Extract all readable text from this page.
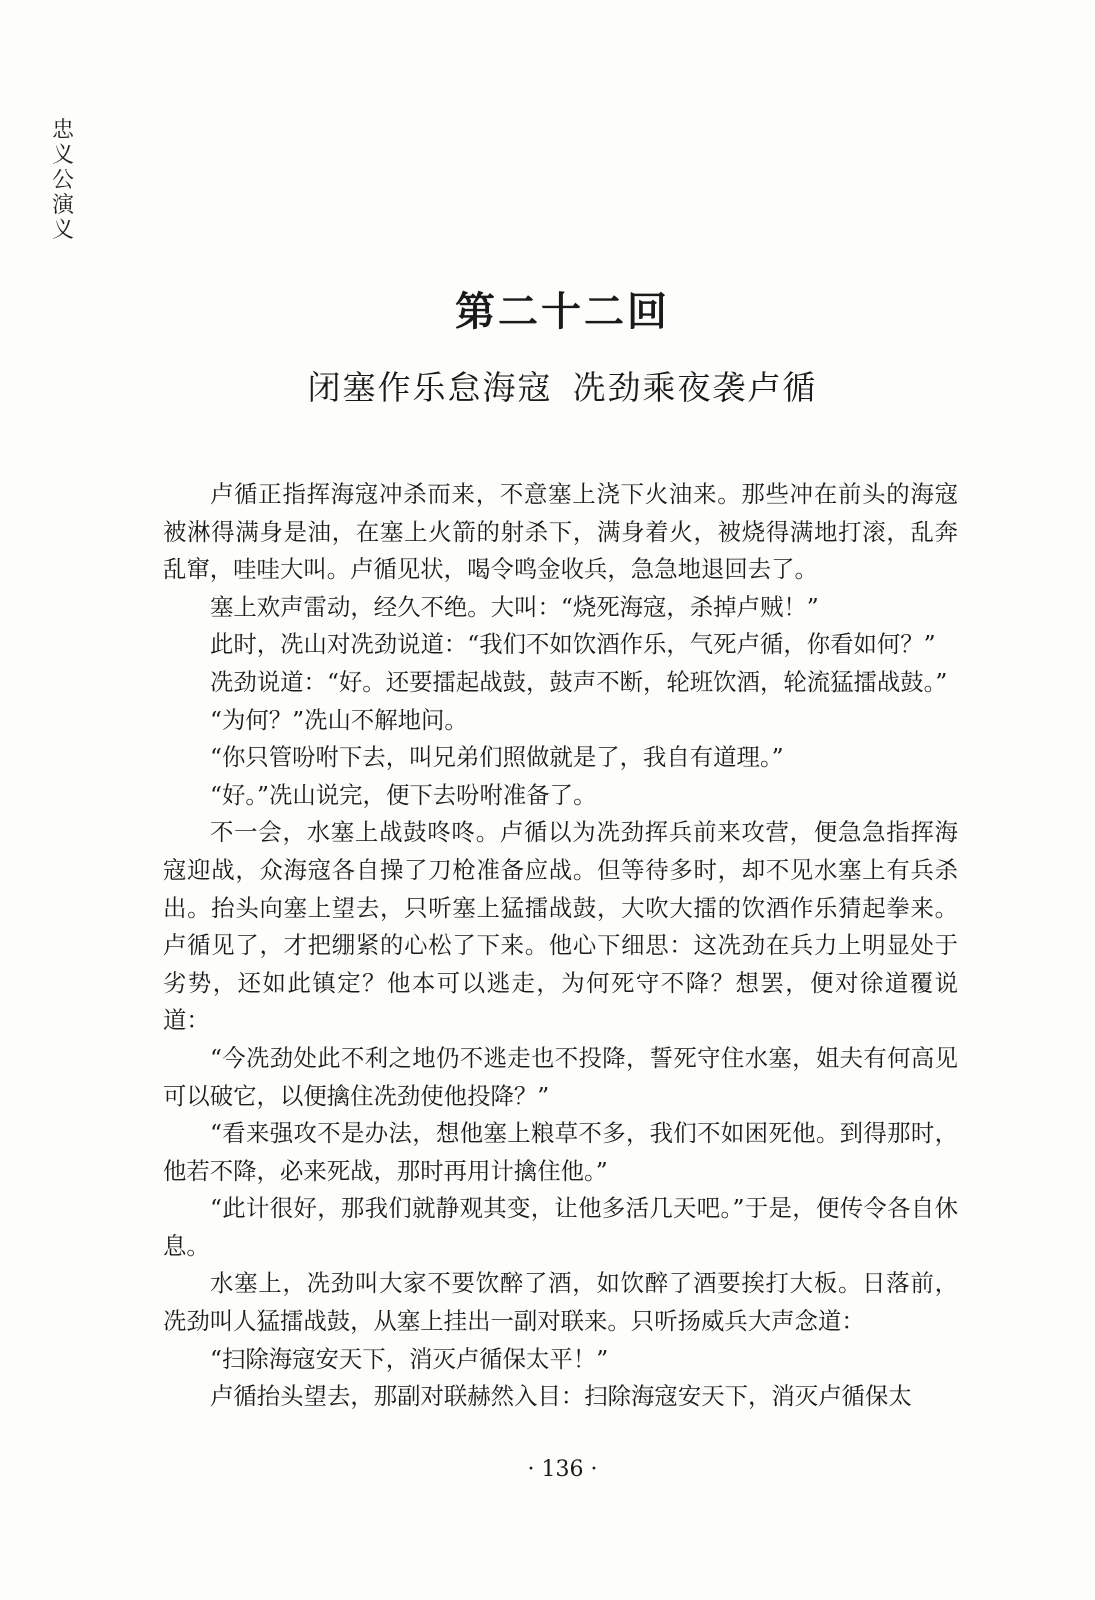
忠
义
公
演
义
第二十二回
闭塞作乐怠海寇 冼劲乘夜袭卢循

卢循正指挥海寇冲杀而来，不意塞上浇下火油来。那些冲在前头的海寇被淋得满身是油，在塞上火箭的射杀下，满身着火，被烧得满地打滚，乱奔乱窜，哇哇大叫。卢循见状，喝令鸣金收兵，急急地退回去了。

塞上欢声雷动，经久不绝。大叫：“烧死海寇，杀掉卢贼！”

此时，冼山对冼劲说道：“我们不如饮酒作乐，气死卢循，你看如何？”

冼劲说道：“好。还要擂起战鼓，鼓声不断，轮班饮酒，轮流猛擂战鼓。”

“为何？”冼山不解地问。

“你只管吩咐下去，叫兄弟们照做就是了，我自有道理。”

“好。”冼山说完，便下去吩咐准备了。

不一会，水塞上战鼓咚咚。卢循以为冼劲挥兵前来攻营，便急急指挥海寇迎战，众海寇各自操了刀枪准备应战。但等待多时，却不见水塞上有兵杀出。抬头向塞上望去，只听塞上猛擂战鼓，大吹大擂的饮酒作乐猜起拳来。卢循见了，才把绷紧的心松了下来。他心下细思：这冼劲在兵力上明显处于劣势，还如此镇定？他本可以逃走，为何死守不降？想罢，便对徐道覆说道：

“今冼劲处此不利之地仍不逃走也不投降，誓死守住水塞，姐夫有何高见可以破它，以便擒住冼劲使他投降？”

“看来强攻不是办法，想他塞上粮草不多，我们不如困死他。到得那时，他若不降，必来死战，那时再用计擒住他。”

“此计很好，那我们就静观其变，让他多活几天吧。”于是，便传令各自休息。

水塞上，冼劲叫大家不要饮醉了酒，如饮醉了酒要挨打大板。日落前，冼劲叫人猛擂战鼓，从塞上挂出一副对联来。只听扬威兵大声念道：

“扫除海寇安天下，消灭卢循保太平！”

卢循抬头望去，那副对联赫然入目：扫除海寇安天下，消灭卢循保太

· 136 ·
